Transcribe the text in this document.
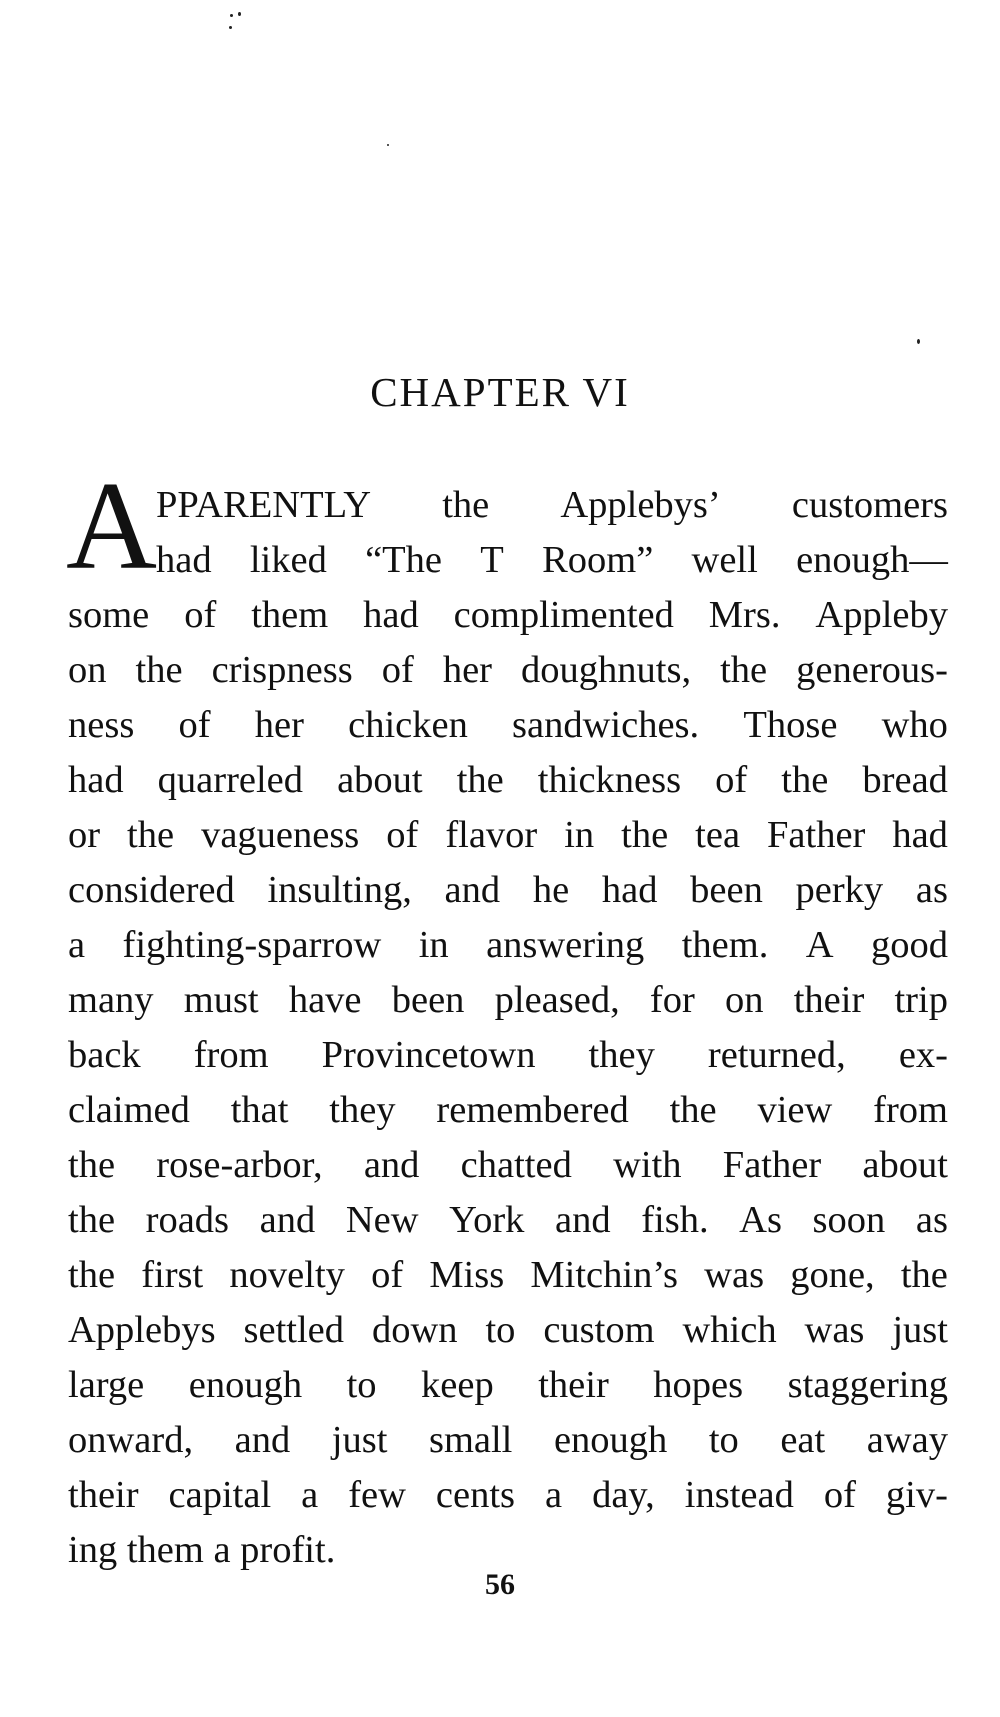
CHAPTER VI
A PPARENTLY the Applebys’ customers
had liked “The T Room” well enough—
some of them had complimented Mrs. Appleby
on the crispness of her doughnuts, the generous-
ness of her chicken sandwiches. Those who
had quarreled about the thickness of the bread
or the vagueness of flavor in the tea Father had
considered insulting, and he had been perky as
a fighting-sparrow in answering them. A good
many must have been pleased, for on their trip
back from Provincetown they returned, ex-
claimed that they remembered the view from
the rose-arbor, and chatted with Father about
the roads and New York and fish. As soon as
the first novelty of Miss Mitchin’s was gone, the
Applebys settled down to custom which was just
large enough to keep their hopes staggering
onward, and just small enough to eat away
their capital a few cents a day, instead of giv-
ing
them
a
profit.
56
